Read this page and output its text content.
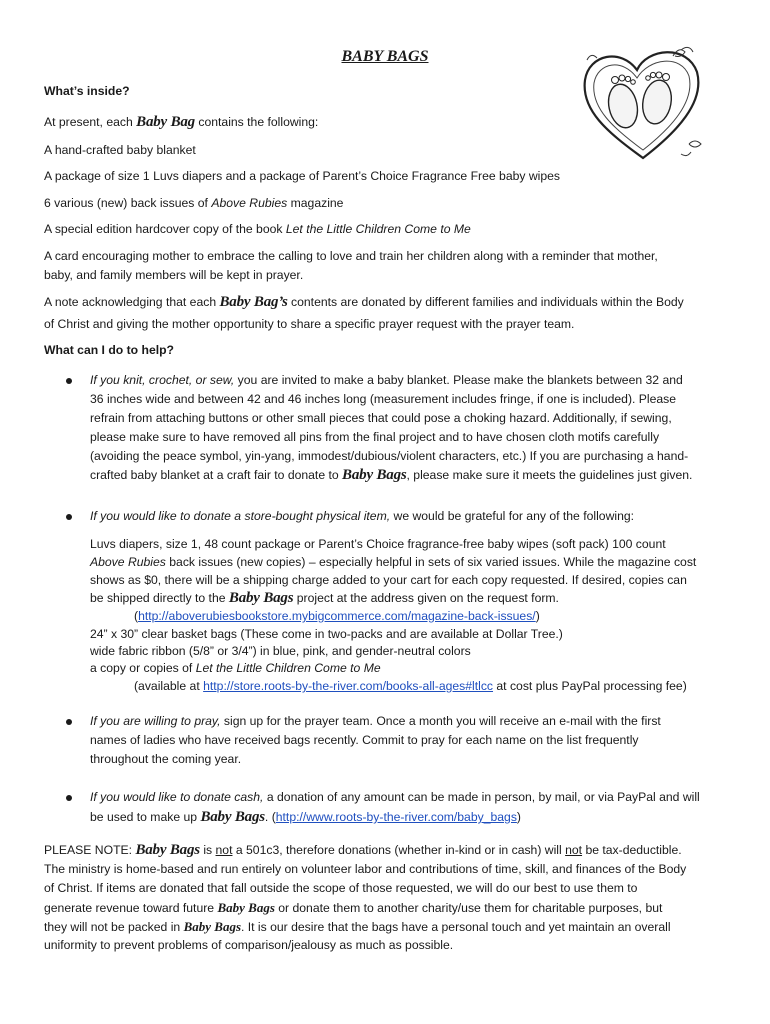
BABY BAGS
What’s inside?
At present, each Baby Bag contains the following:
A hand-crafted baby blanket
A package of size 1 Luvs diapers and a package of Parent’s Choice Fragrance Free baby wipes
6 various (new) back issues of Above Rubies magazine
A special edition hardcover copy of the book Let the Little Children Come to Me
A card encouraging mother to embrace the calling to love and train her children along with a reminder that mother,
baby, and family members will be kept in prayer.
A note acknowledging that each Baby Bag’s contents are donated by different families and individuals within the Body
of Christ and giving the mother opportunity to share a specific prayer request with the prayer team.
What can I do to help?
If you knit, crochet, or sew, you are invited to make a baby blanket. Please make the blankets between 32 and
36 inches wide and between 42 and 46 inches long (measurement includes fringe, if one is included). Please
refrain from attaching buttons or other small pieces that could pose a choking hazard. Additionally, if sewing,
please make sure to have removed all pins from the final project and to have chosen cloth motifs carefully
(avoiding the peace symbol, yin-yang, immodest/dubious/violent characters, etc.) If you are purchasing a hand-
crafted baby blanket at a craft fair to donate to Baby Bags, please make sure it meets the guidelines just given.
If you would like to donate a store-bought physical item, we would be grateful for any of the following:
Luvs diapers, size 1, 48 count package or Parent’s Choice fragrance-free baby wipes (soft pack) 100 count
Above Rubies back issues (new copies) – especially helpful in sets of six varied issues. While the magazine cost
shows as $0, there will be a shipping charge added to your cart for each copy requested. If desired, copies can
be shipped directly to the Baby Bags project at the address given on the request form.
(http://aboverubiesbookstore.mybigcommerce.com/magazine-back-issues/)
24” x 30” clear basket bags (These come in two-packs and are available at Dollar Tree.)
wide fabric ribbon (5/8” or 3/4”) in blue, pink, and gender-neutral colors
a copy or copies of Let the Little Children Come to Me
(available at http://store.roots-by-the-river.com/books-all-ages#ltlcc at cost plus PayPal processing fee)
If you are willing to pray, sign up for the prayer team. Once a month you will receive an e-mail with the first
names of ladies who have received bags recently. Commit to pray for each name on the list frequently
throughout the coming year.
If you would like to donate cash, a donation of any amount can be made in person, by mail, or via PayPal and will
be used to make up Baby Bags. (http://www.roots-by-the-river.com/baby_bags)
PLEASE NOTE: Baby Bags is not a 501c3, therefore donations (whether in-kind or in cash) will not be tax-deductible.
The ministry is home-based and run entirely on volunteer labor and contributions of time, skill, and finances of the Body
of Christ. If items are donated that fall outside the scope of those requested, we will do our best to use them to
generate revenue toward future Baby Bags or donate them to another charity/use them for charitable purposes, but
they will not be packed in Baby Bags. It is our desire that the bags have a personal touch and yet maintain an overall
uniformity to prevent problems of comparison/jealousy as much as possible.
